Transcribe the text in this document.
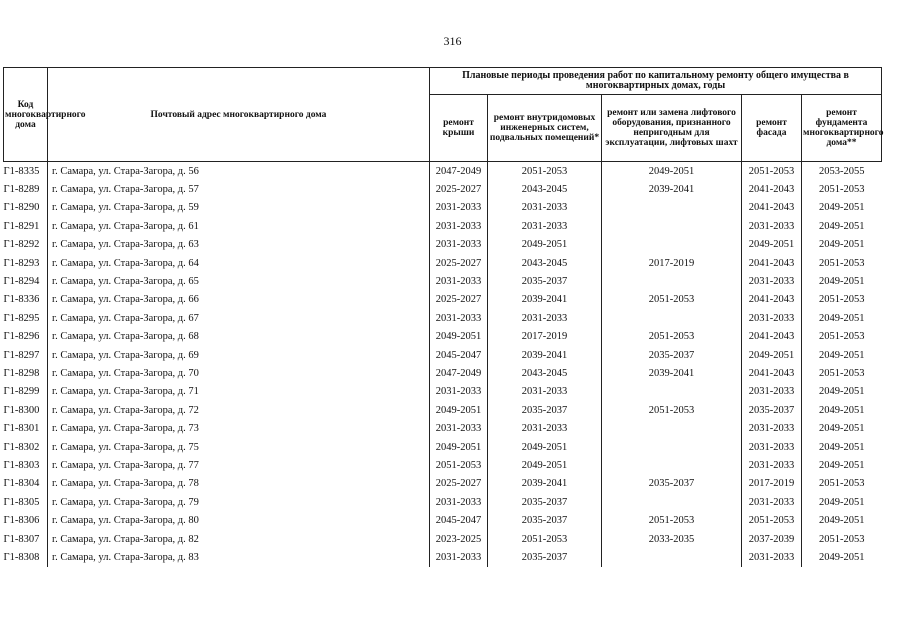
316
Код многоквартирного дома	Почтовый адрес многоквартирного дома	Плановые периоды проведения работ по капитальному ремонту общего имущества в многоквартирных домах, годы				
		ремонт крыши	ремонт внутридомовых инженерных систем, подвальных помещений*	ремонт или замена лифтового оборудования, признанного непригодным для эксплуатации, лифтовых шахт	ремонт фасада	ремонт фундамента многоквартирного дома**
Г1-8335	г. Самара, ул. Стара-Загора, д. 56	2047-2049	2051-2053	2049-2051	2051-2053	2053-2055
Г1-8289	г. Самара, ул. Стара-Загора, д. 57	2025-2027	2043-2045	2039-2041	2041-2043	2051-2053
Г1-8290	г. Самара, ул. Стара-Загора, д. 59	2031-2033	2031-2033		2041-2043	2049-2051
Г1-8291	г. Самара, ул. Стара-Загора, д. 61	2031-2033	2031-2033		2031-2033	2049-2051
Г1-8292	г. Самара, ул. Стара-Загора, д. 63	2031-2033	2049-2051		2049-2051	2049-2051
Г1-8293	г. Самара, ул. Стара-Загора, д. 64	2025-2027	2043-2045	2017-2019	2041-2043	2051-2053
Г1-8294	г. Самара, ул. Стара-Загора, д. 65	2031-2033	2035-2037		2031-2033	2049-2051
Г1-8336	г. Самара, ул. Стара-Загора, д. 66	2025-2027	2039-2041	2051-2053	2041-2043	2051-2053
Г1-8295	г. Самара, ул. Стара-Загора, д. 67	2031-2033	2031-2033		2031-2033	2049-2051
Г1-8296	г. Самара, ул. Стара-Загора, д. 68	2049-2051	2017-2019	2051-2053	2041-2043	2051-2053
Г1-8297	г. Самара, ул. Стара-Загора, д. 69	2045-2047	2039-2041	2035-2037	2049-2051	2049-2051
Г1-8298	г. Самара, ул. Стара-Загора, д. 70	2047-2049	2043-2045	2039-2041	2041-2043	2051-2053
Г1-8299	г. Самара, ул. Стара-Загора, д. 71	2031-2033	2031-2033		2031-2033	2049-2051
Г1-8300	г. Самара, ул. Стара-Загора, д. 72	2049-2051	2035-2037	2051-2053	2035-2037	2049-2051
Г1-8301	г. Самара, ул. Стара-Загора, д. 73	2031-2033	2031-2033		2031-2033	2049-2051
Г1-8302	г. Самара, ул. Стара-Загора, д. 75	2049-2051	2049-2051		2031-2033	2049-2051
Г1-8303	г. Самара, ул. Стара-Загора, д. 77	2051-2053	2049-2051		2031-2033	2049-2051
Г1-8304	г. Самара, ул. Стара-Загора, д. 78	2025-2027	2039-2041	2035-2037	2017-2019	2051-2053
Г1-8305	г. Самара, ул. Стара-Загора, д. 79	2031-2033	2035-2037		2031-2033	2049-2051
Г1-8306	г. Самара, ул. Стара-Загора, д. 80	2045-2047	2035-2037	2051-2053	2051-2053	2049-2051
Г1-8307	г. Самара, ул. Стара-Загора, д. 82	2023-2025	2051-2053	2033-2035	2037-2039	2051-2053
Г1-8308	г. Самара, ул. Стара-Загора, д. 83	2031-2033	2035-2037		2031-2033	2049-2051
